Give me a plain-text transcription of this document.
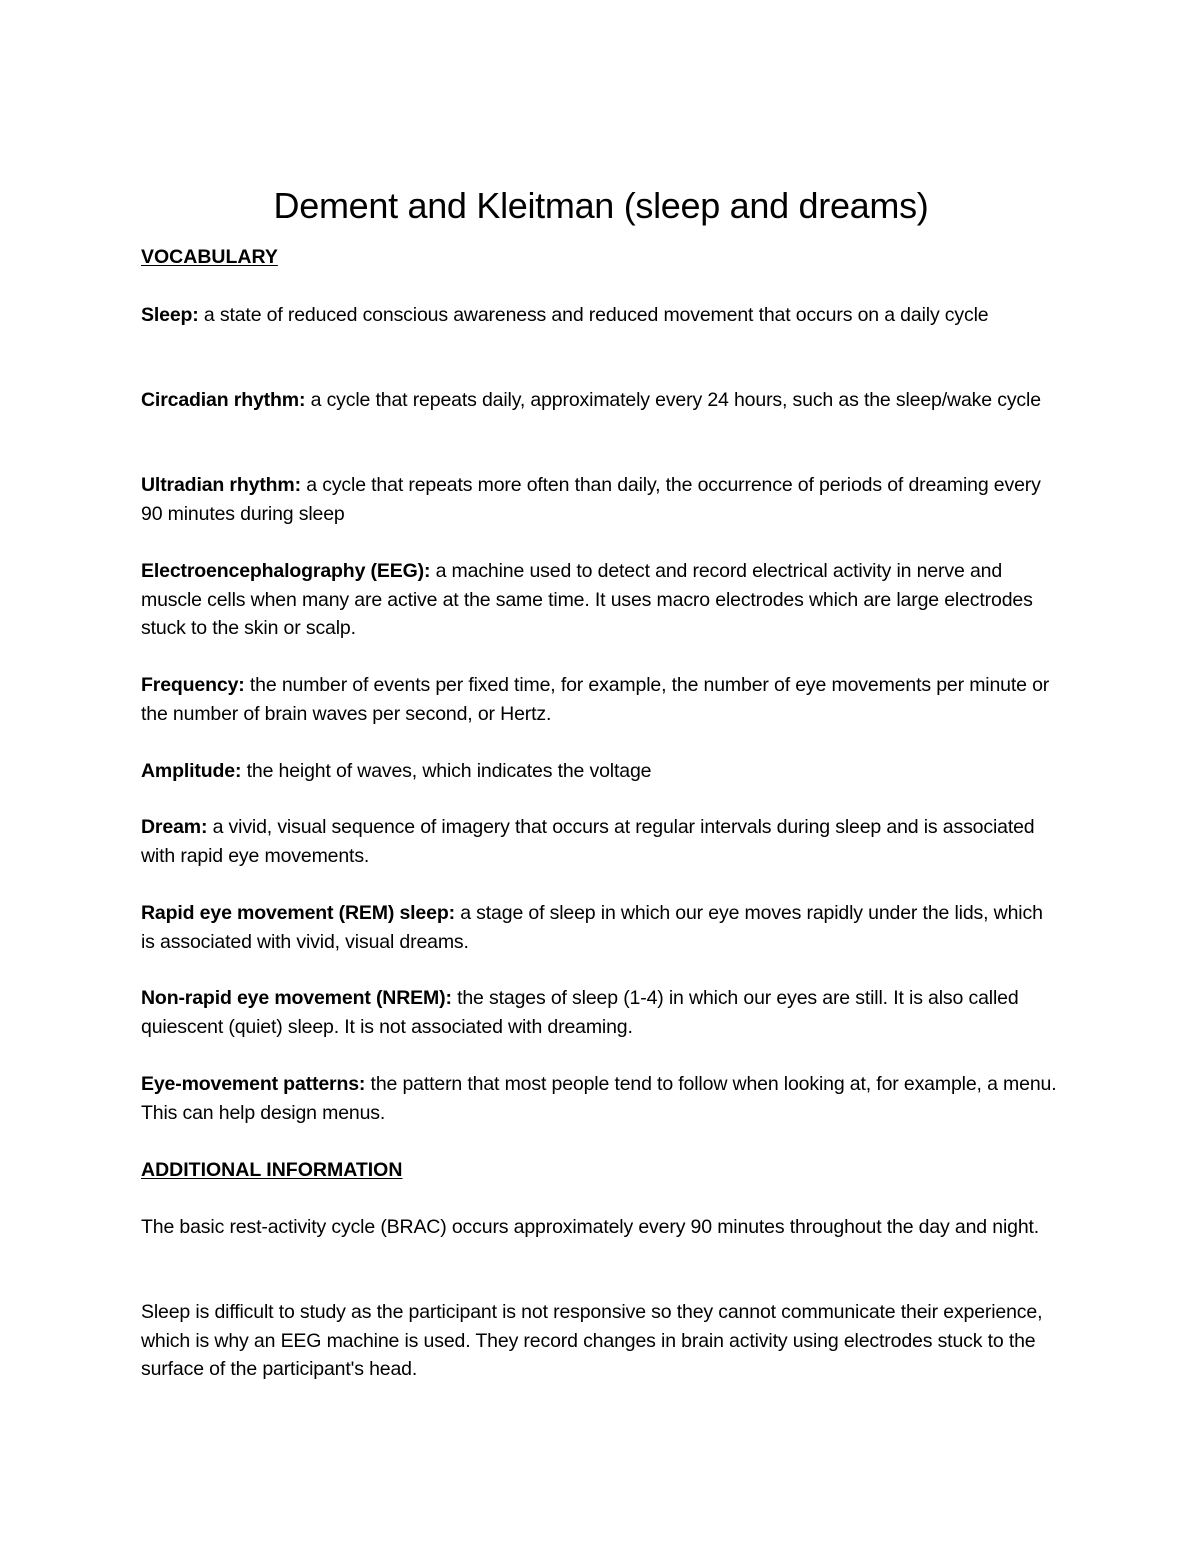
Dement and Kleitman (sleep and dreams)
VOCABULARY

Sleep: a state of reduced conscious awareness and reduced movement that occurs on a daily cycle

Circadian rhythm: a cycle that repeats daily, approximately every 24 hours, such as the sleep/wake cycle

Ultradian rhythm: a cycle that repeats more often than daily, the occurrence of periods of dreaming every 90 minutes during sleep

Electroencephalography (EEG): a machine used to detect and record electrical activity in nerve and muscle cells when many are active at the same time. It uses macro electrodes which are large electrodes stuck to the skin or scalp.

Frequency: the number of events per fixed time, for example, the number of eye movements per minute or the number of brain waves per second, or Hertz.

Amplitude: the height of waves, which indicates the voltage

Dream: a vivid, visual sequence of imagery that occurs at regular intervals during sleep and is associated with rapid eye movements.

Rapid eye movement (REM) sleep: a stage of sleep in which our eye moves rapidly under the lids, which is associated with vivid, visual dreams.

Non-rapid eye movement (NREM): the stages of sleep (1-4) in which our eyes are still. It is also called quiescent (quiet) sleep. It is not associated with dreaming.

Eye-movement patterns: the pattern that most people tend to follow when looking at, for example, a menu. This can help design menus.

ADDITIONAL INFORMATION

The basic rest-activity cycle (BRAC) occurs approximately every 90 minutes throughout the day and night.

Sleep is difficult to study as the participant is not responsive so they cannot communicate their experience, which is why an EEG machine is used. They record changes in brain activity using electrodes stuck to the surface of the participant's head.
